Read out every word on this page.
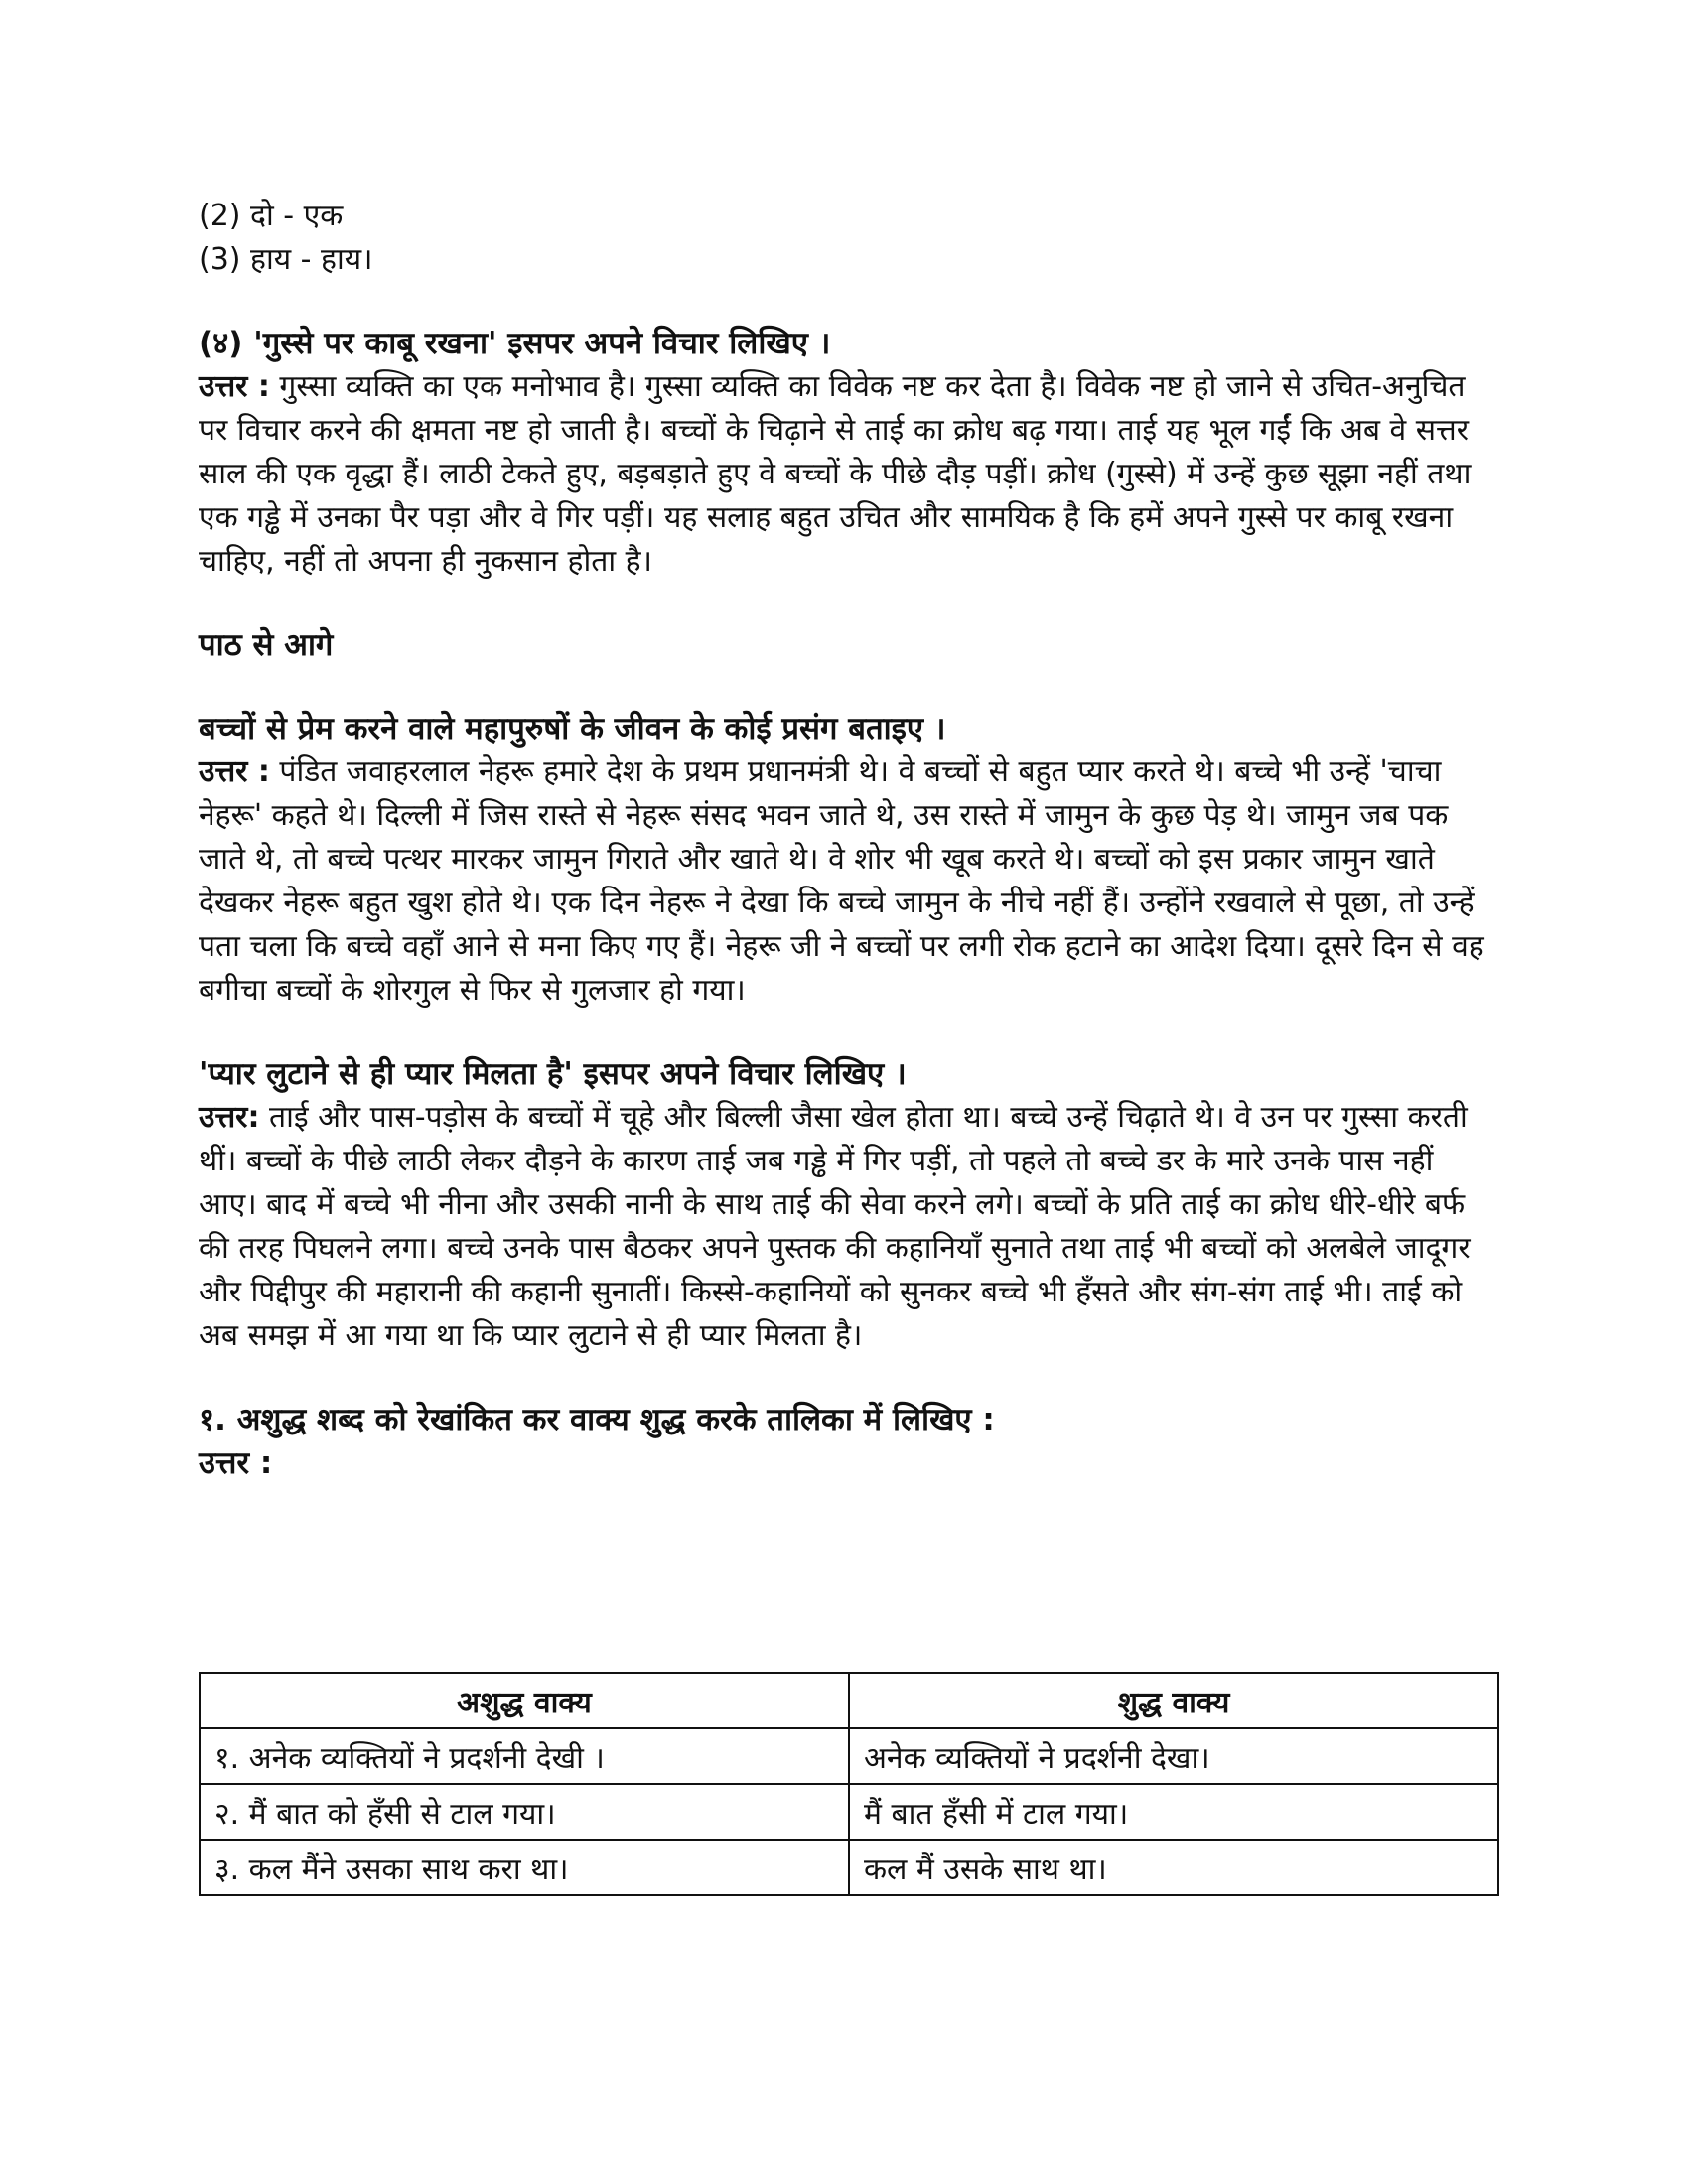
(2) दो - एक

(3) हाय - हाय।

(४) 'गुस्से पर काबू रखना' इसपर अपने विचार लिखिए ।

उत्तर : गुस्सा व्यक्ति का एक मनोभाव है। गुस्सा व्यक्ति का विवेक नष्ट कर देता है। विवेक नष्ट हो जाने से उचित-अनुचित पर विचार करने की क्षमता नष्ट हो जाती है। बच्चों के चिढ़ाने से ताई का क्रोध बढ़ गया। ताई यह भूल गईं कि अब वे सत्तर साल की एक वृद्धा हैं। लाठी टेकते हुए, बड़बड़ाते हुए वे बच्चों के पीछे दौड़ पड़ीं। क्रोध (गुस्से) में उन्हें कुछ सूझा नहीं तथा एक गड्ढे में उनका पैर पड़ा और वे गिर पड़ीं। यह सलाह बहुत उचित और सामयिक है कि हमें अपने गुस्से पर काबू रखना चाहिए, नहीं तो अपना ही नुकसान होता है।

पाठ से आगे

बच्चों से प्रेम करने वाले महापुरुषों के जीवन के कोई प्रसंग बताइए ।

उत्तर : पंडित जवाहरलाल नेहरू हमारे देश के प्रथम प्रधानमंत्री थे। वे बच्चों से बहुत प्यार करते थे। बच्चे भी उन्हें 'चाचा नेहरू' कहते थे। दिल्ली में जिस रास्ते से नेहरू संसद भवन जाते थे, उस रास्ते में जामुन के कुछ पेड़ थे। जामुन जब पक जाते थे, तो बच्चे पत्थर मारकर जामुन गिराते और खाते थे। वे शोर भी खूब करते थे। बच्चों को इस प्रकार जामुन खाते देखकर नेहरू बहुत खुश होते थे। एक दिन नेहरू ने देखा कि बच्चे जामुन के नीचे नहीं हैं। उन्होंने रखवाले से पूछा, तो उन्हें पता चला कि बच्चे वहाँ आने से मना किए गए हैं। नेहरू जी ने बच्चों पर लगी रोक हटाने का आदेश दिया। दूसरे दिन से वह बगीचा बच्चों के शोरगुल से फिर से गुलजार हो गया।

'प्यार लुटाने से ही प्यार मिलता है' इसपर अपने विचार लिखिए ।

उत्तर: ताई और पास-पड़ोस के बच्चों में चूहे और बिल्ली जैसा खेल होता था। बच्चे उन्हें चिढ़ाते थे। वे उन पर गुस्सा करती थीं। बच्चों के पीछे लाठी लेकर दौड़ने के कारण ताई जब गड्ढे में गिर पड़ीं, तो पहले तो बच्चे डर के मारे उनके पास नहीं आए। बाद में बच्चे भी नीना और उसकी नानी के साथ ताई की सेवा करने लगे। बच्चों के प्रति ताई का क्रोध धीरे-धीरे बर्फ की तरह पिघलने लगा। बच्चे उनके पास बैठकर अपने पुस्तक की कहानियाँ सुनाते तथा ताई भी बच्चों को अलबेले जादूगर और पिद्दीपुर की महारानी की कहानी सुनातीं। किस्से-कहानियों को सुनकर बच्चे भी हँसते और संग-संग ताई भी। ताई को अब समझ में आ गया था कि प्यार लुटाने से ही प्यार मिलता है।

१. अशुद्ध शब्द को रेखांकित कर वाक्य शुद्ध करके तालिका में लिखिए :

उत्तर :

अशुद्ध वाक्य	शुद्ध वाक्य
१. अनेक व्यक्तियों ने प्रदर्शनी देखी ।	अनेक व्यक्तियों ने प्रदर्शनी देखा।
२. मैं बात को हँसी से टाल गया।	मैं बात हँसी में टाल गया।
३. कल मैंने उसका साथ करा था।	कल मैं उसके साथ था।
